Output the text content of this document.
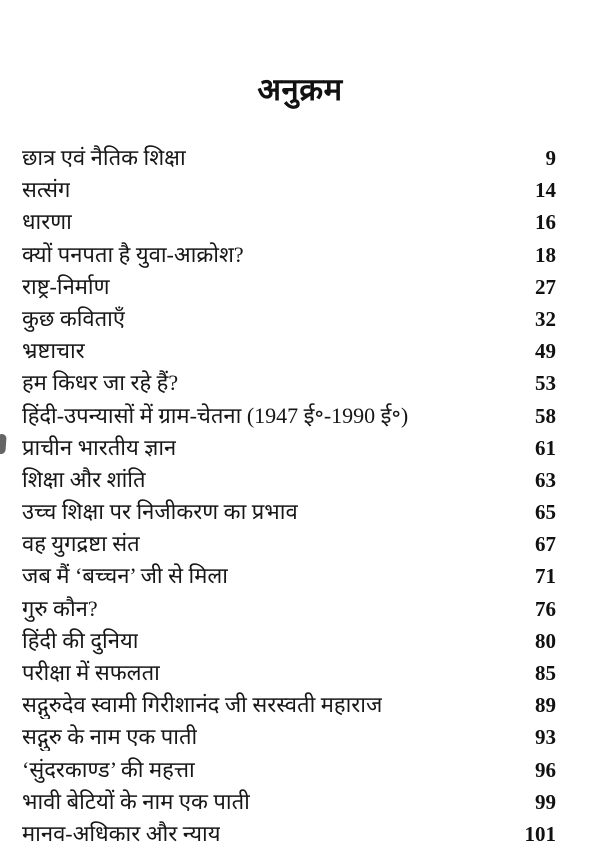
अनुक्रम
छात्र एवं नैतिक शिक्षा	9
सत्संग	14
धारणा	16
क्यों पनपता है युवा-आक्रोश?	18
राष्ट्र-निर्माण	27
कुछ कविताएँ	32
भ्रष्टाचार	49
हम किधर जा रहे हैं?	53
हिंदी-उपन्यासों में ग्राम-चेतना (1947 ई॰-1990 ई॰)	58
प्राचीन भारतीय ज्ञान	61
शिक्षा और शांति	63
उच्च शिक्षा पर निजीकरण का प्रभाव	65
वह युगद्रष्टा संत	67
जब मैं ‘बच्चन’ जी से मिला	71
गुरु कौन?	76
हिंदी की दुनिया	80
परीक्षा में सफलता	85
सद्गुरुदेव स्वामी गिरीशानंद जी सरस्वती महाराज	89
सद्गुरु के नाम एक पाती	93
‘सुंदरकाण्ड’ की महत्ता	96
भावी बेटियों के नाम एक पाती	99
मानव-अधिकार और न्याय	101
